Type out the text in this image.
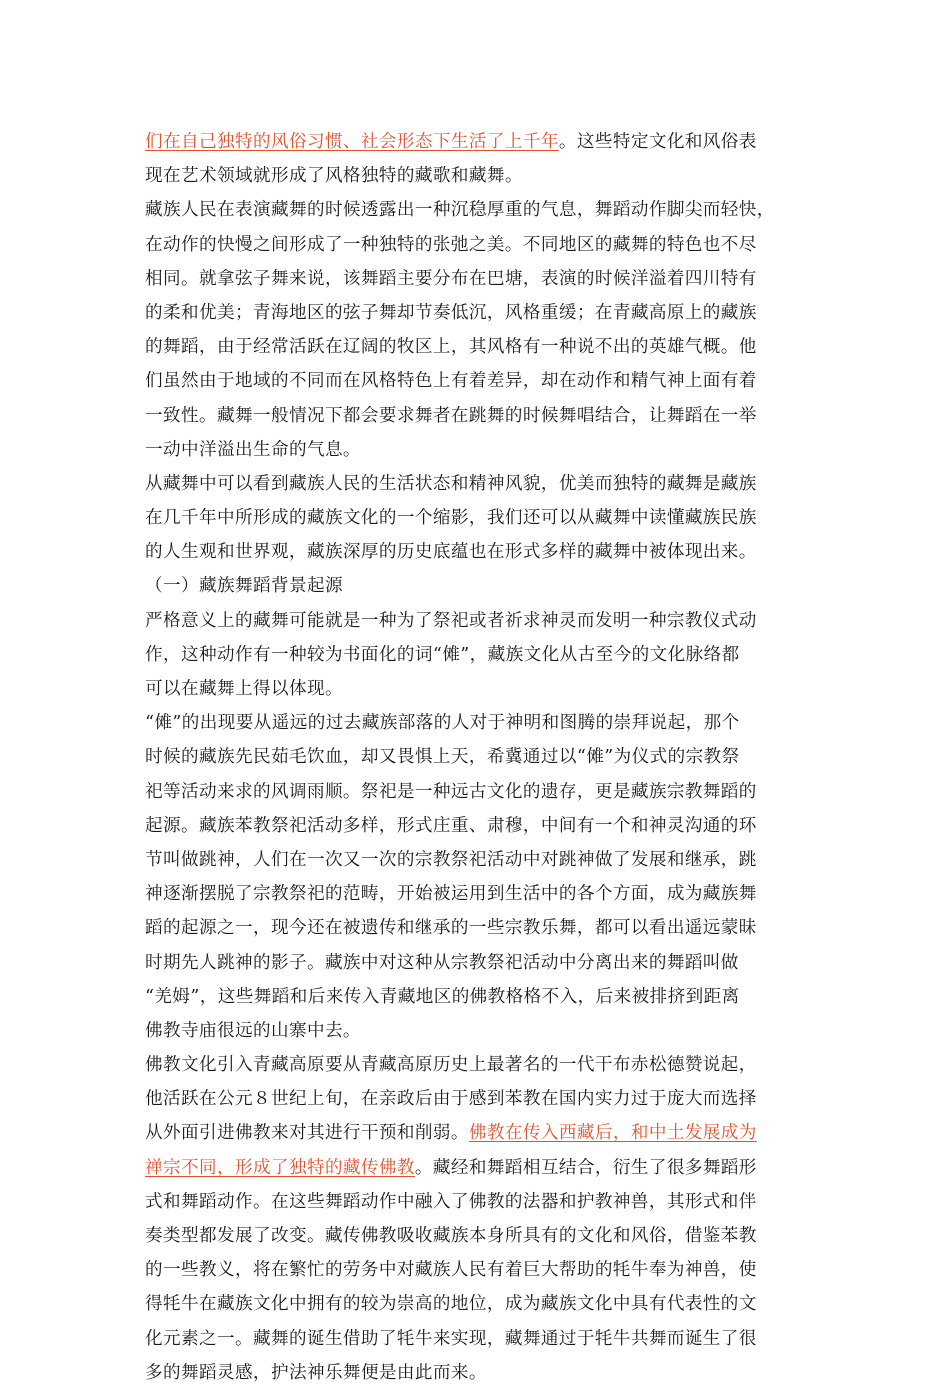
们在自己独特的风俗习惯、社会形态下生活了上千年。这些特定文化和风俗表
现在艺术领域就形成了风格独特的藏歌和藏舞。
藏族人民在表演藏舞的时候透露出一种沉稳厚重的气息，舞蹈动作脚尖而轻快，
在动作的快慢之间形成了一种独特的张弛之美。不同地区的藏舞的特色也不尽
相同。就拿弦子舞来说，该舞蹈主要分布在巴塘，表演的时候洋溢着四川特有
的柔和优美；青海地区的弦子舞却节奏低沉，风格重缓；在青藏高原上的藏族
的舞蹈，由于经常活跃在辽阔的牧区上，其风格有一种说不出的英雄气概。他
们虽然由于地域的不同而在风格特色上有着差异，却在动作和精气神上面有着
一致性。藏舞一般情况下都会要求舞者在跳舞的时候舞唱结合，让舞蹈在一举
一动中洋溢出生命的气息。
从藏舞中可以看到藏族人民的生活状态和精神风貌，优美而独特的藏舞是藏族
在几千年中所形成的藏族文化的一个缩影，我们还可以从藏舞中读懂藏族民族
的人生观和世界观，藏族深厚的历史底蕴也在形式多样的藏舞中被体现出来。
（一）藏族舞蹈背景起源
严格意义上的藏舞可能就是一种为了祭祀或者祈求神灵而发明一种宗教仪式动
作，这种动作有一种较为书面化的词“傩”，藏族文化从古至今的文化脉络都
可以在藏舞上得以体现。
“傩”的出现要从遥远的过去藏族部落的人对于神明和图腾的崇拜说起，那个
时候的藏族先民茹毛饮血，却又畏惧上天，希冀通过以“傩”为仪式的宗教祭
祀等活动来求的风调雨顺。祭祀是一种远古文化的遗存，更是藏族宗教舞蹈的
起源。藏族苯教祭祀活动多样，形式庄重、肃穆，中间有一个和神灵沟通的环
节叫做跳神，人们在一次又一次的宗教祭祀活动中对跳神做了发展和继承，跳
神逐渐摆脱了宗教祭祀的范畴，开始被运用到生活中的各个方面，成为藏族舞
蹈的起源之一，现今还在被遗传和继承的一些宗教乐舞，都可以看出遥远蒙昧
时期先人跳神的影子。藏族中对这种从宗教祭祀活动中分离出来的舞蹈叫做
“羌姆”，这些舞蹈和后来传入青藏地区的佛教格格不入，后来被排挤到距离
佛教寺庙很远的山寨中去。
佛教文化引入青藏高原要从青藏高原历史上最著名的一代干布赤松德赞说起，
他活跃在公元８世纪上旬，在亲政后由于感到苯教在国内实力过于庞大而选择
从外面引进佛教来对其进行干预和削弱。佛教在传入西藏后，和中土发展成为
禅宗不同，形成了独特的藏传佛教。藏经和舞蹈相互结合，衍生了很多舞蹈形
式和舞蹈动作。在这些舞蹈动作中融入了佛教的法器和护教神兽，其形式和伴
奏类型都发展了改变。藏传佛教吸收藏族本身所具有的文化和风俗，借鉴苯教
的一些教义，将在繁忙的劳务中对藏族人民有着巨大帮助的牦牛奉为神兽，使
得牦牛在藏族文化中拥有的较为崇高的地位，成为藏族文化中具有代表性的文
化元素之一。藏舞的诞生借助了牦牛来实现，藏舞通过于牦牛共舞而诞生了很
多的舞蹈灵感，护法神乐舞便是由此而来。
